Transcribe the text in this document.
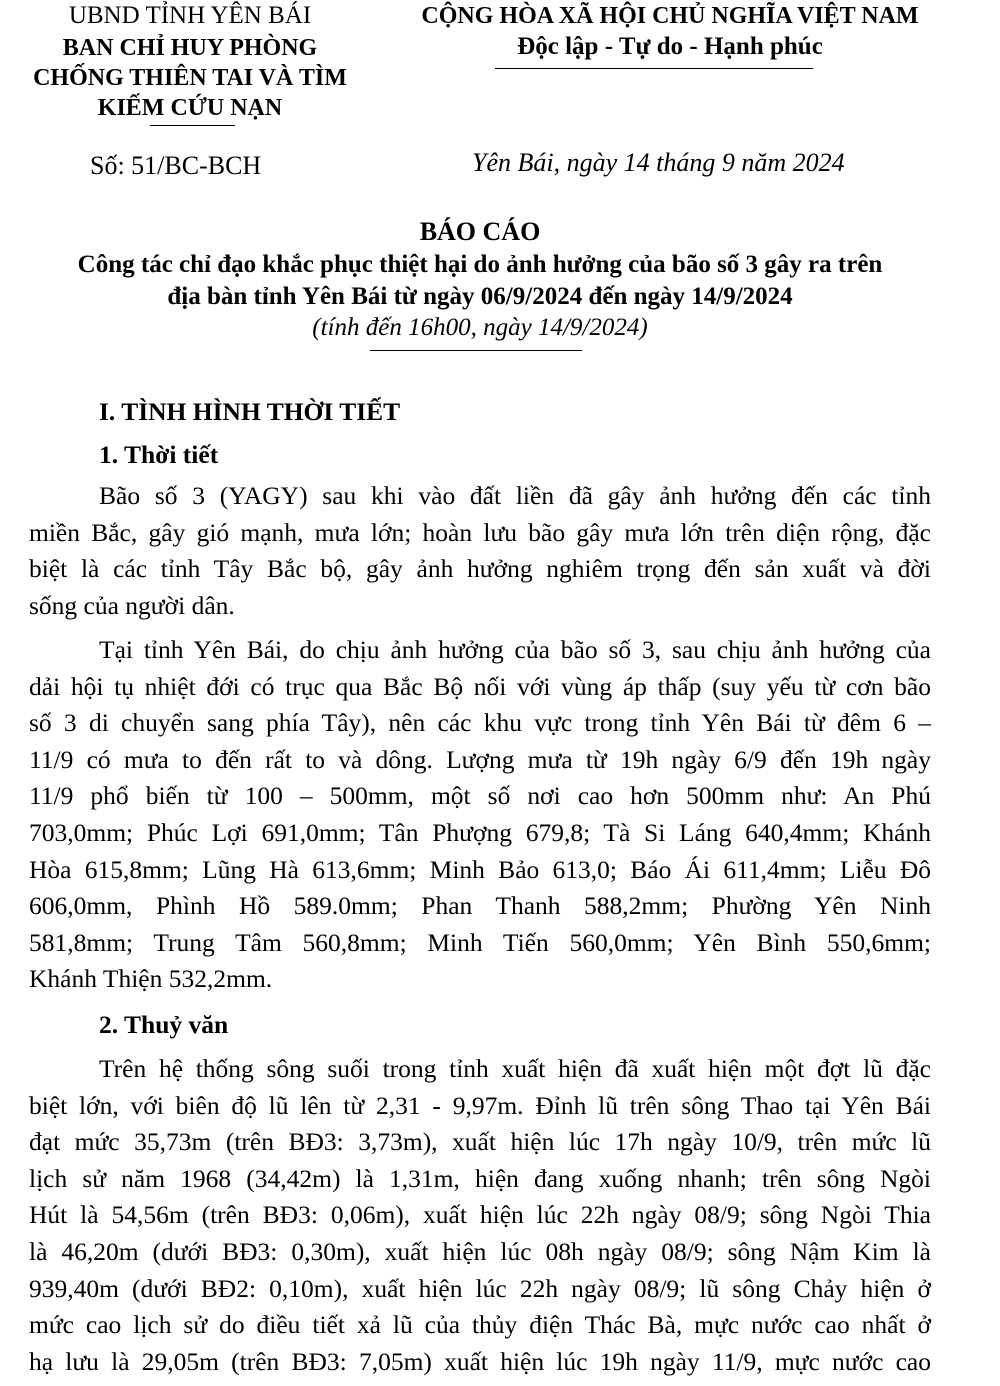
UBND TỈNH YÊN BÁI
BAN CHỈ HUY PHÒNG
CHỐNG THIÊN TAI VÀ TÌM
KIẾM CỨU NẠN
CỘNG HÒA XÃ HỘI CHỦ NGHĨA VIỆT NAM
Độc lập - Tự do - Hạnh phúc
Số: 51/BC-BCH	Yên Bái, ngày 14 tháng 9 năm 2024
BÁO CÁO
Công tác chỉ đạo khắc phục thiệt hại do ảnh hưởng của bão số 3 gây ra trên
địa bàn tỉnh Yên Bái từ ngày 06/9/2024 đến ngày 14/9/2024
(tính đến 16h00, ngày 14/9/2024)
I. TÌNH HÌNH THỜI TIẾT
1. Thời tiết
Bão số 3 (YAGY) sau khi vào đất liền đã gây ảnh hưởng đến các tỉnh
miền Bắc, gây gió mạnh, mưa lớn; hoàn lưu bão gây mưa lớn trên diện rộng, đặc
biệt là các tỉnh Tây Bắc bộ, gây ảnh hưởng nghiêm trọng đến sản xuất và đời
sống của người dân.
Tại tỉnh Yên Bái, do chịu ảnh hưởng của bão số 3, sau chịu ảnh hưởng của
dải hội tụ nhiệt đới có trục qua Bắc Bộ nối với vùng áp thấp (suy yếu từ cơn bão
số 3 di chuyển sang phía Tây), nên các khu vực trong tỉnh Yên Bái từ đêm 6 –
11/9 có mưa to đến rất to và dông. Lượng mưa từ 19h ngày 6/9 đến 19h ngày
11/9 phổ biến từ 100 – 500mm, một số nơi cao hơn 500mm như: An Phú
703,0mm; Phúc Lợi 691,0mm; Tân Phượng 679,8; Tà Si Láng 640,4mm; Khánh
Hòa 615,8mm; Lũng Hà 613,6mm; Minh Bảo 613,0; Báo Ái 611,4mm; Liễu Đô
606,0mm, Phình Hồ 589.0mm; Phan Thanh 588,2mm; Phường Yên Ninh
581,8mm; Trung Tâm 560,8mm; Minh Tiến 560,0mm; Yên Bình 550,6mm;
Khánh Thiện 532,2mm.
2. Thuỷ văn
Trên hệ thống sông suối trong tỉnh xuất hiện đã xuất hiện một đợt lũ đặc
biệt lớn, với biên độ lũ lên từ 2,31 - 9,97m. Đỉnh lũ trên sông Thao tại Yên Bái
đạt mức 35,73m (trên BĐ3: 3,73m), xuất hiện lúc 17h ngày 10/9, trên mức lũ
lịch sử năm 1968 (34,42m) là 1,31m, hiện đang xuống nhanh; trên sông Ngòi
Hút là 54,56m (trên BĐ3: 0,06m), xuất hiện lúc 22h ngày 08/9; sông Ngòi Thia
là 46,20m (dưới BĐ3: 0,30m), xuất hiện lúc 08h ngày 08/9; sông Nậm Kim là
939,40m (dưới BĐ2: 0,10m), xuất hiện lúc 22h ngày 08/9; lũ sông Chảy hiện ở
mức cao lịch sử do điều tiết xả lũ của thủy điện Thác Bà, mực nước cao nhất ở
hạ lưu là 29,05m (trên BĐ3: 7,05m) xuất hiện lúc 19h ngày 11/9, mực nước cao
